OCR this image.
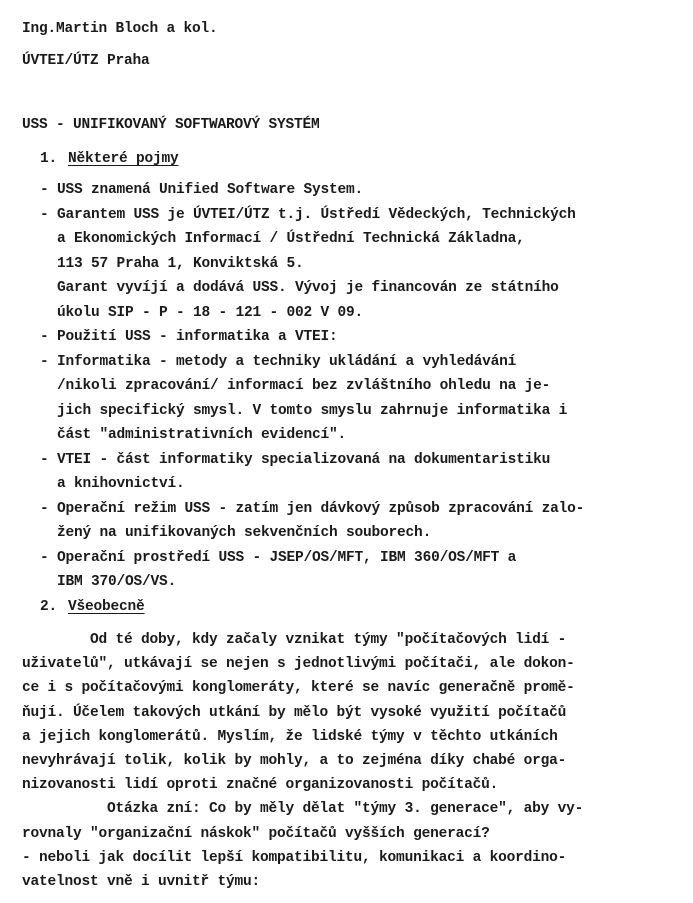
Ing.Martin Bloch a kol.
ÚVTEI/ÚTZ Praha
USS - UNIFIKOVANÝ SOFTWAROVÝ SYSTÉM
1. Některé pojmy
- USS znamená Unified Software System.
- Garantem USS je ÚVTEI/ÚTZ t.j. Ústředí Vědeckých, Technických
a Ekonomických Informací / Ústřední Technická Základna,
113 57 Praha 1, Konviktská 5.
Garant vyvíjí a dodává USS. Vývoj je financován ze státního
úkolu SIP - P - 18 - 121 - 002 V 09.
- Použití USS - informatika a VTEI:
- Informatika - metody a techniky ukládání a vyhledávání
/nikoli zpracování/ informací bez zvláštního ohledu na je-
jich specifický smysl. V tomto smyslu zahrnuje informatika i
část "administrativních evidencí".
- VTEI - část informatiky specializovaná na dokumentaristiku
a knihovnictví.
- Operační režim USS - zatím jen dávkový způsob zpracování zalo-
žený na unifikovaných sekvenčních souborech.
- Operační prostředí USS - JSEP/OS/MFT, IBM 360/OS/MFT a
IBM 370/OS/VS.
2. Všeobecně
Od té doby, kdy začaly vznikat týmy "počítačových lidí -
uživatelů", utkávají se nejen s jednotlivými počítači, ale dokon-
ce i s počítačovými konglomeráty, které se navíc generačně promě-
ňují. Účelem takových utkání by mělo být vysoké využití počítačů
a jejich konglomerátů. Myslím, že lidské týmy v těchto utkáních
nevyhrávají tolik, kolik by mohly, a to zejména díky chabé orga-
nizovanosti lidí oproti značné organizovanosti počítačů.
Otázka zní: Co by měly dělat "týmy 3. generace", aby vy-
rovnaly "organizační náskok" počítačů vyšších generací?
- neboli jak docílit lepší kompatibilitu, komunikaci a koordino-
vatelnost vně i uvnitř týmu:
